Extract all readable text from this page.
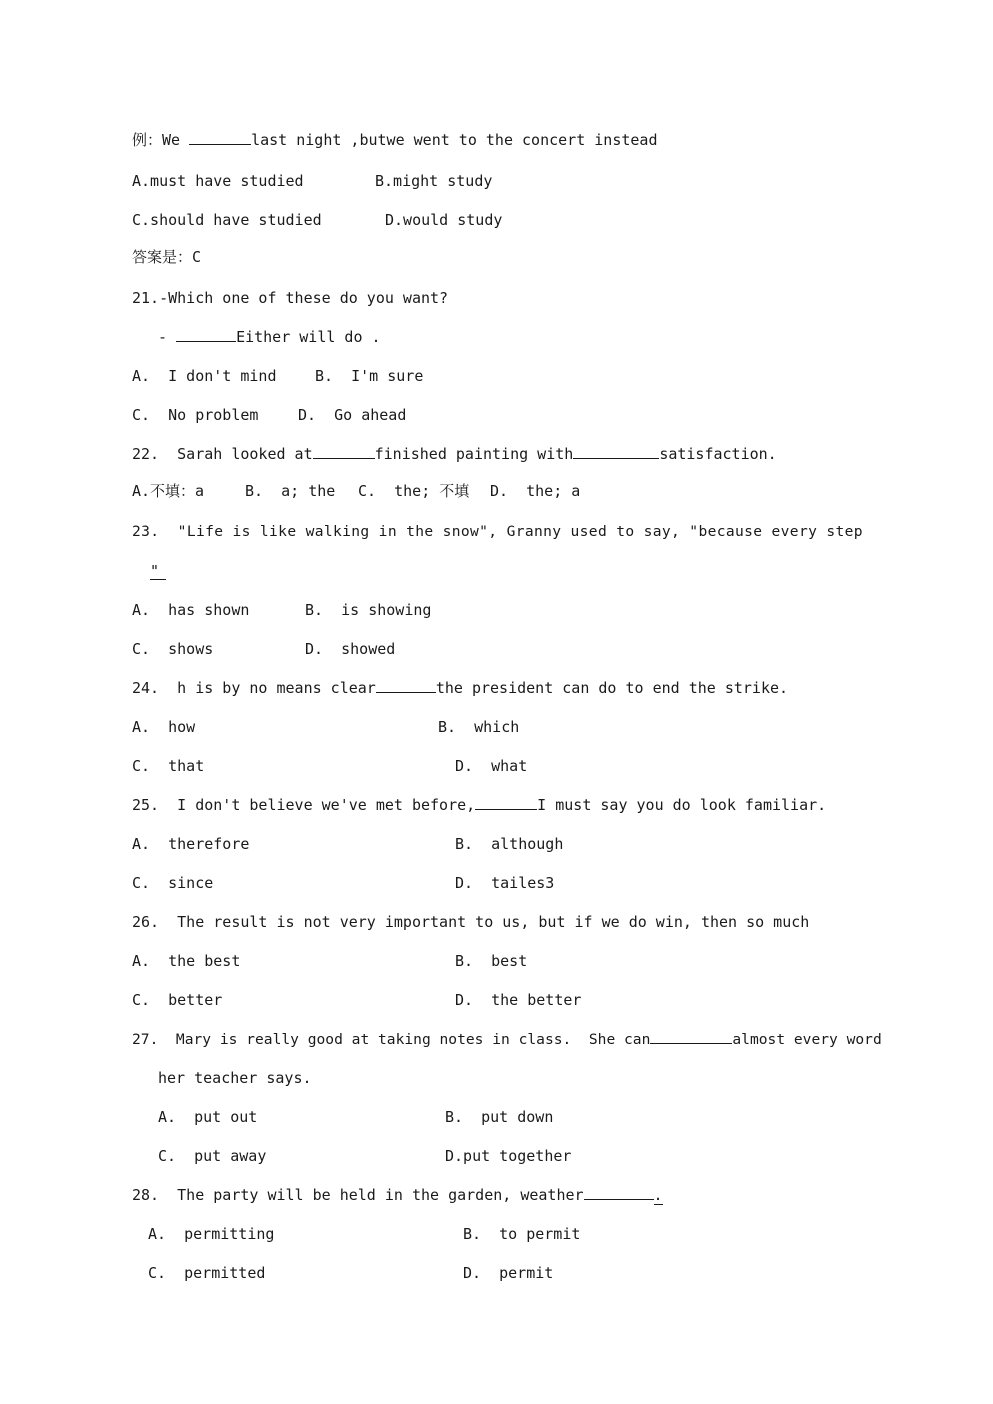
例：We	last night ,butwe went to the concert instead
A.must have studied	B.might study
C.should have studied	D.would study
答案是：C
21.-Which one of these do you want?
-	Either will do .
A.  I don't mind	B.  I'm sure
C.  No problem	D.  Go ahead
22.  Sarah looked at	finished painting with	satisfaction.
A.不填：a	B.  a; the C.  the; 不填 D.  the; a
23.  "Life is like walking in the snow", Granny used to say, "because every step
"
A.  has shown	B.  is showing
C.  shows	D.  showed
24.  h is by no means clear	the president can do to end the strike.
A.  how	B.  which
C.  that	D.  what
25.  I don't believe we've met before,	I must say you do look familiar.
A.  therefore	B.  although
C.  since	D.  tailes3
26.  The result is not very important to us, but if we do win, then so much
A.  the best	B.  best
C.  better	D.  the better
27.  Mary is really good at taking notes in class.  She can	almost every word
her teacher says.
A.  put out	B.  put down
C.  put away	D.put together
28.  The party will be held in the garden, weather	.
A.  permitting	B.  to permit
C.  permitted	D.  permit
